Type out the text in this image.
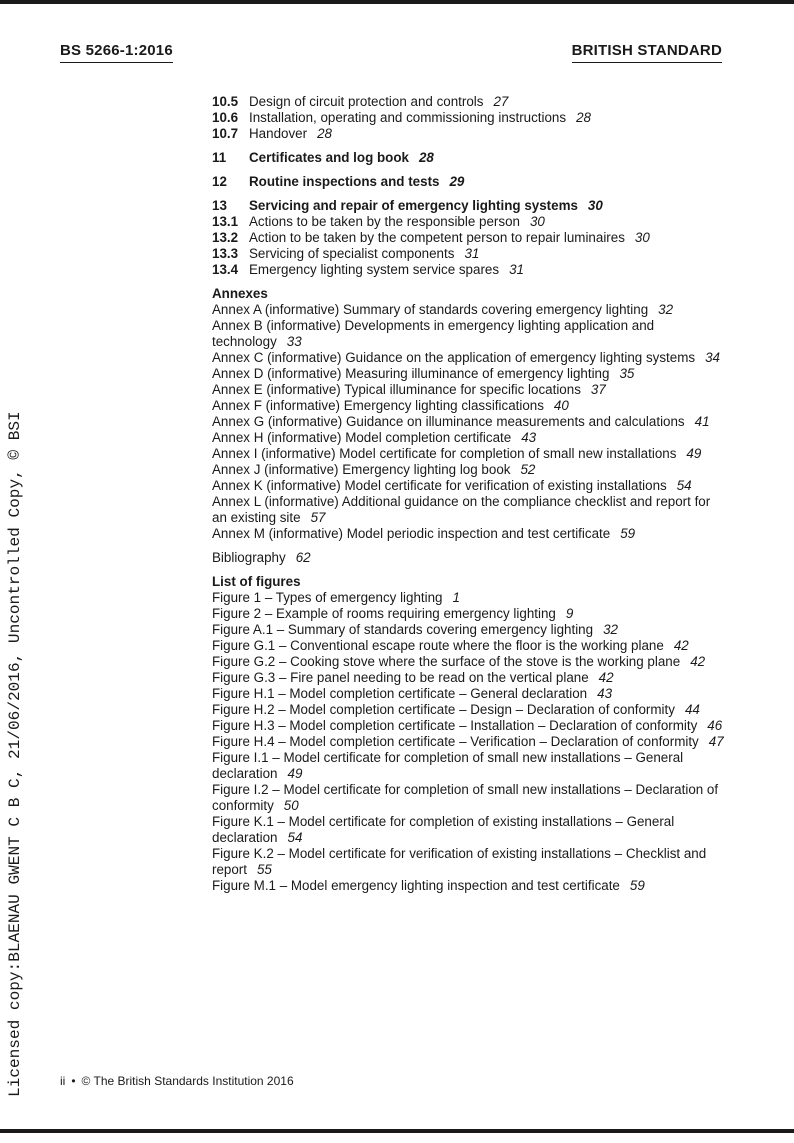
BS 5266-1:2016	BRITISH STANDARD
10.5 Design of circuit protection and controls 27
10.6 Installation, operating and commissioning instructions 28
10.7 Handover 28
11	Certificates and log book 28
12	Routine inspections and tests 29
13	Servicing and repair of emergency lighting systems 30
13.1 Actions to be taken by the responsible person 30
13.2 Action to be taken by the competent person to repair luminaires 30
13.3 Servicing of specialist components 31
13.4 Emergency lighting system service spares 31
Annexes
Annex A (informative) Summary of standards covering emergency lighting 32
Annex B (informative) Developments in emergency lighting application and technology 33
Annex C (informative) Guidance on the application of emergency lighting systems 34
Annex D (informative) Measuring illuminance of emergency lighting 35
Annex E (informative) Typical illuminance for specific locations 37
Annex F (informative) Emergency lighting classifications 40
Annex G (informative) Guidance on illuminance measurements and calculations 41
Annex H (informative) Model completion certificate 43
Annex I (informative) Model certificate for completion of small new installations 49
Annex J (informative) Emergency lighting log book 52
Annex K (informative) Model certificate for verification of existing installations 54
Annex L (informative) Additional guidance on the compliance checklist and report for an existing site 57
Annex M (informative) Model periodic inspection and test certificate 59
Bibliography 62
List of figures
Figure 1 – Types of emergency lighting 1
Figure 2 – Example of rooms requiring emergency lighting 9
Figure A.1 – Summary of standards covering emergency lighting 32
Figure G.1 – Conventional escape route where the floor is the working plane 42
Figure G.2 – Cooking stove where the surface of the stove is the working plane 42
Figure G.3 – Fire panel needing to be read on the vertical plane 42
Figure H.1 – Model completion certificate – General declaration 43
Figure H.2 – Model completion certificate – Design – Declaration of conformity 44
Figure H.3 – Model completion certificate – Installation – Declaration of conformity 46
Figure H.4 – Model completion certificate – Verification – Declaration of conformity 47
Figure I.1 – Model certificate for completion of small new installations – General declaration 49
Figure I.2 – Model certificate for completion of small new installations – Declaration of conformity 50
Figure K.1 – Model certificate for completion of existing installations – General declaration 54
Figure K.2 – Model certificate for verification of existing installations – Checklist and report 55
Figure M.1 – Model emergency lighting inspection and test certificate 59
Licensed copy:BLAENAU GWENT C B C, 21/06/2016, Uncontrolled Copy, © BSI	ii • © The British Standards Institution 2016
